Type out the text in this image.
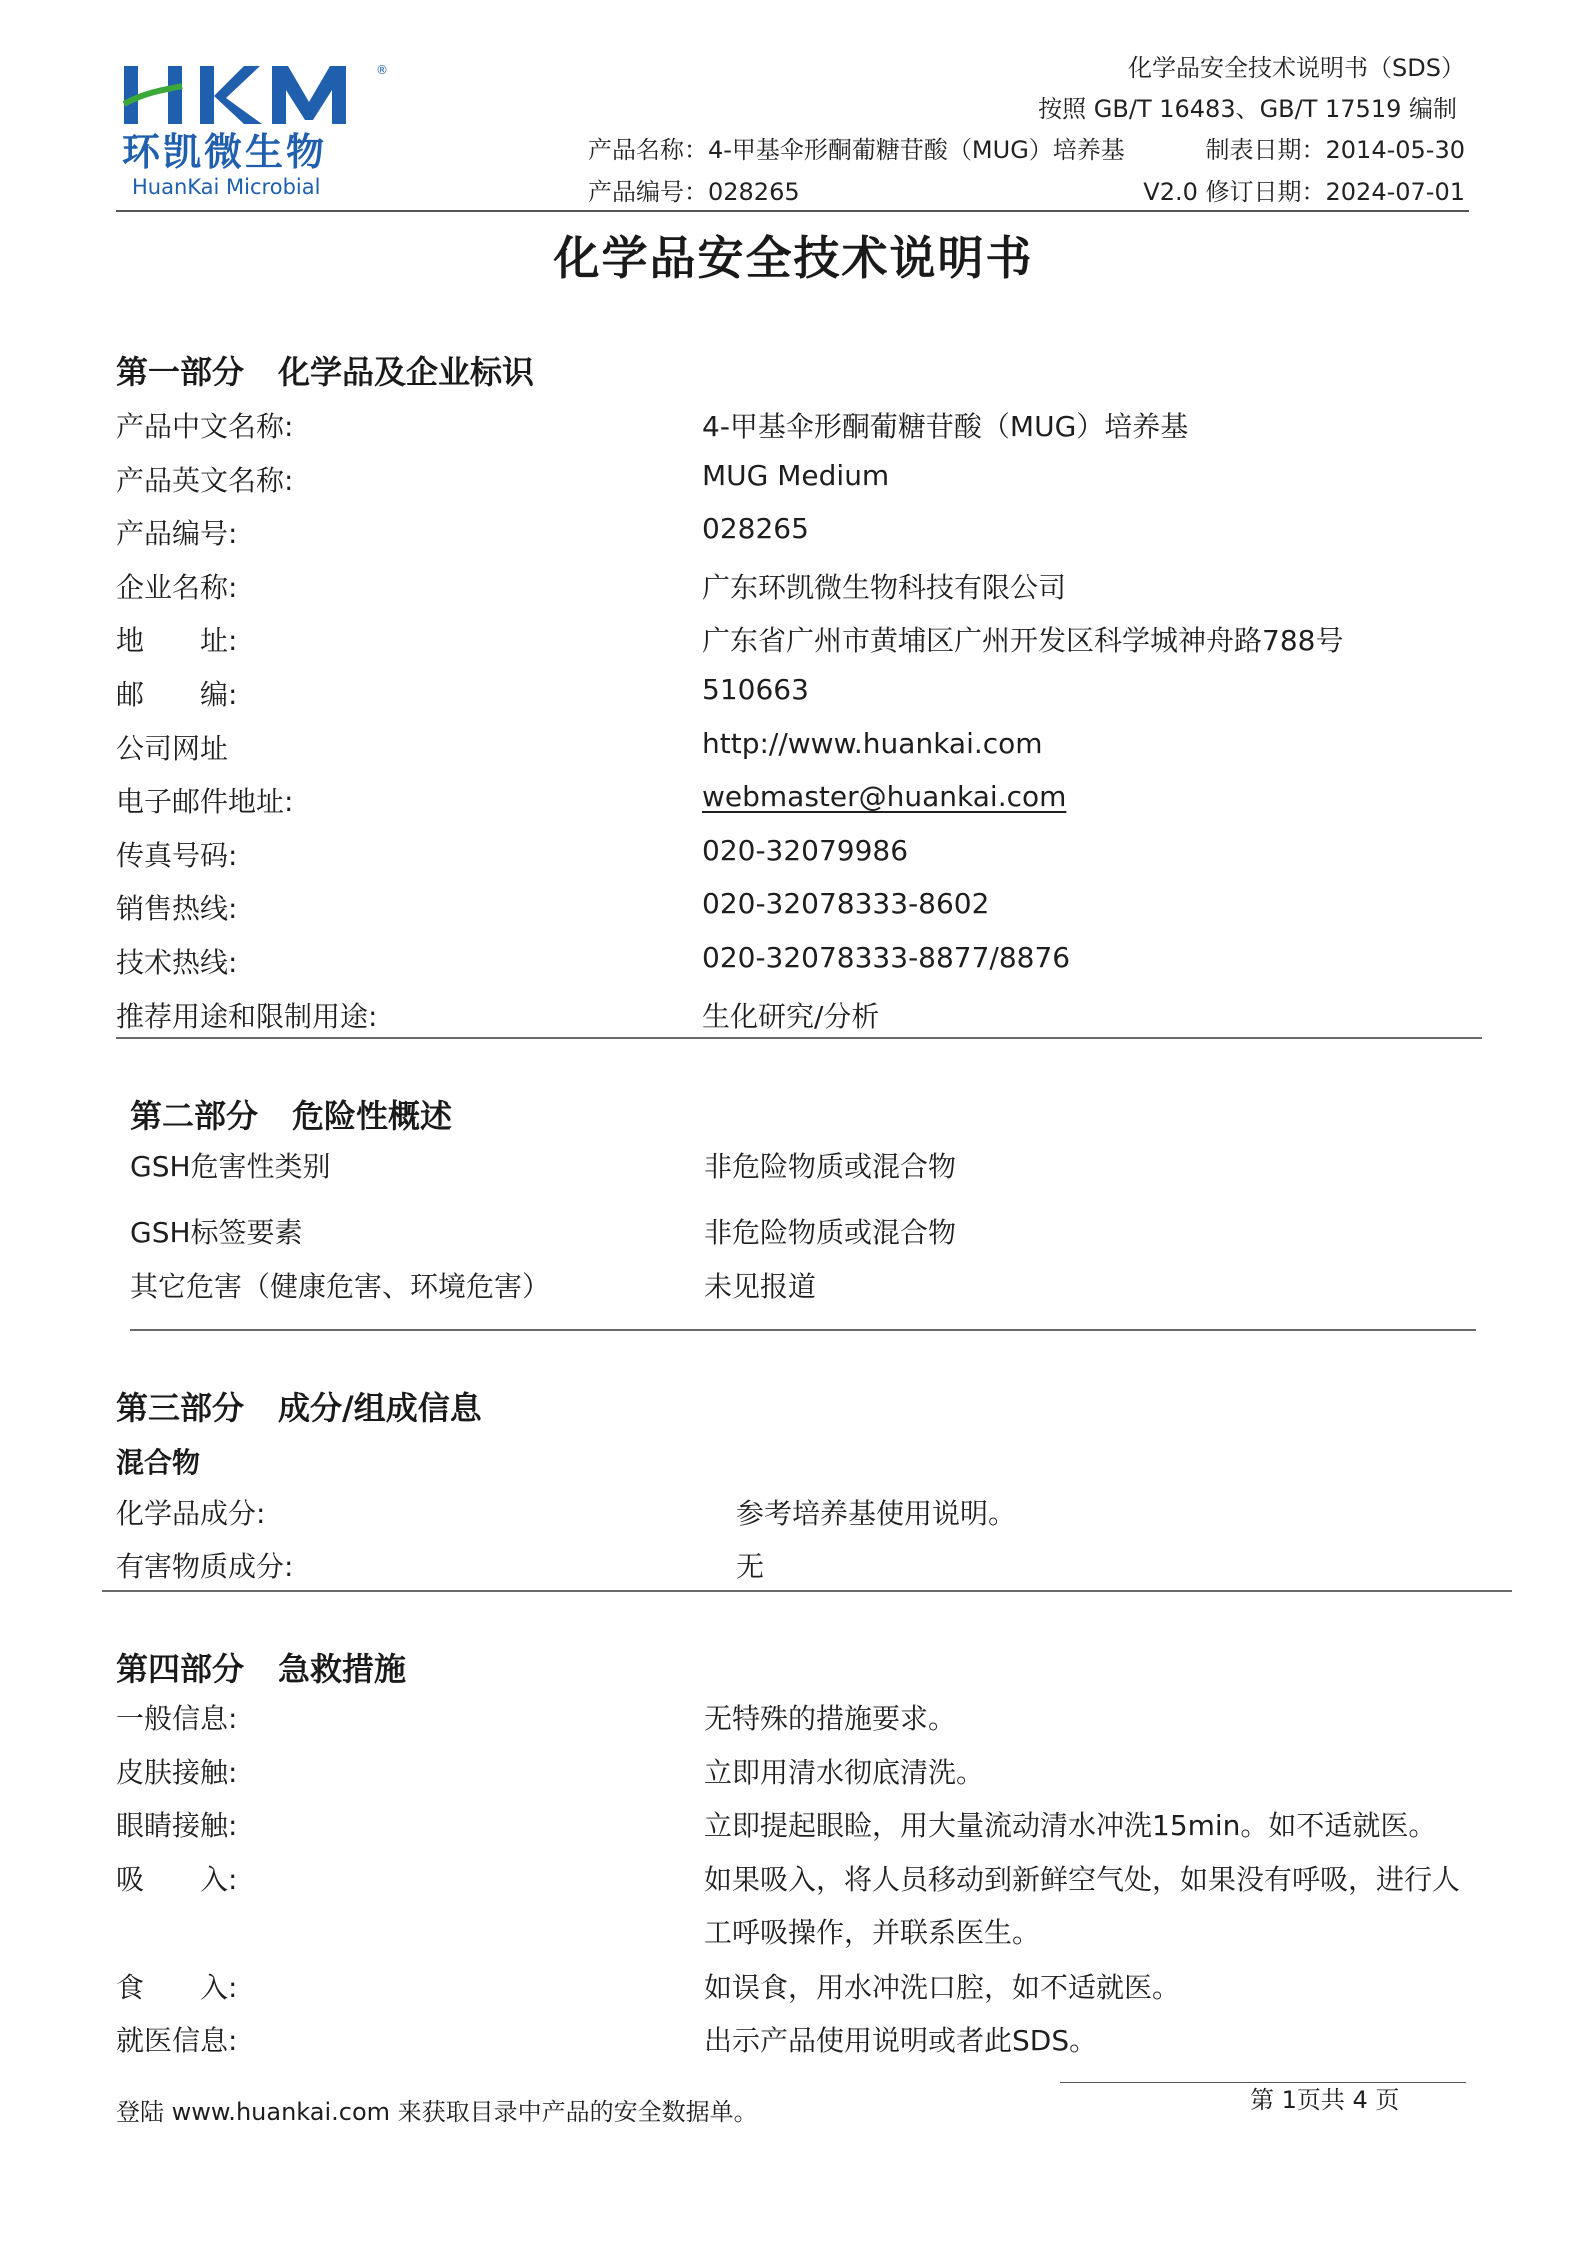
®
环凯微生物
HuanKai Microbial
化学品安全技术说明书（SDS）
按照 GB/T 16483、GB/T 17519 编制
产品名称：4-甲基伞形酮葡糖苷酸（MUG）培养基	制表日期：2014-05-30
产品编号：028265	V2.0 修订日期：2024-07-01
化学品安全技术说明书
第一部分 化学品及企业标识
产品中文名称:	4-甲基伞形酮葡糖苷酸（MUG）培养基
产品英文名称:	MUG Medium
产品编号:	028265
企业名称:	广东环凯微生物科技有限公司
地　　址:	广东省广州市黄埔区广州开发区科学城神舟路788号
邮　　编:	510663
公司网址	http://www.huankai.com
电子邮件地址:	webmaster@huankai.com
传真号码:	020-32079986
销售热线:	020-32078333-8602
技术热线:	020-32078333-8877/8876
推荐用途和限制用途:	生化研究/分析
第二部分 危险性概述
GSH危害性类别	非危险物质或混合物
GSH标签要素	非危险物质或混合物
其它危害（健康危害、环境危害）	未见报道
第三部分 成分/组成信息
混合物
化学品成分:	参考培养基使用说明。
有害物质成分:	无
第四部分 急救措施
一般信息:	无特殊的措施要求。
皮肤接触:	立即用清水彻底清洗。
眼睛接触:	立即提起眼睑，用大量流动清水冲洗15min。如不适就医。
吸　　入:	如果吸入，将人员移动到新鲜空气处，如果没有呼吸，进行人
工呼吸操作，并联系医生。
食　　入:	如误食，用水冲洗口腔，如不适就医。
就医信息:	出示产品使用说明或者此SDS。
登陆 www.huankai.com 来获取目录中产品的安全数据单。	第 1页共 4 页
